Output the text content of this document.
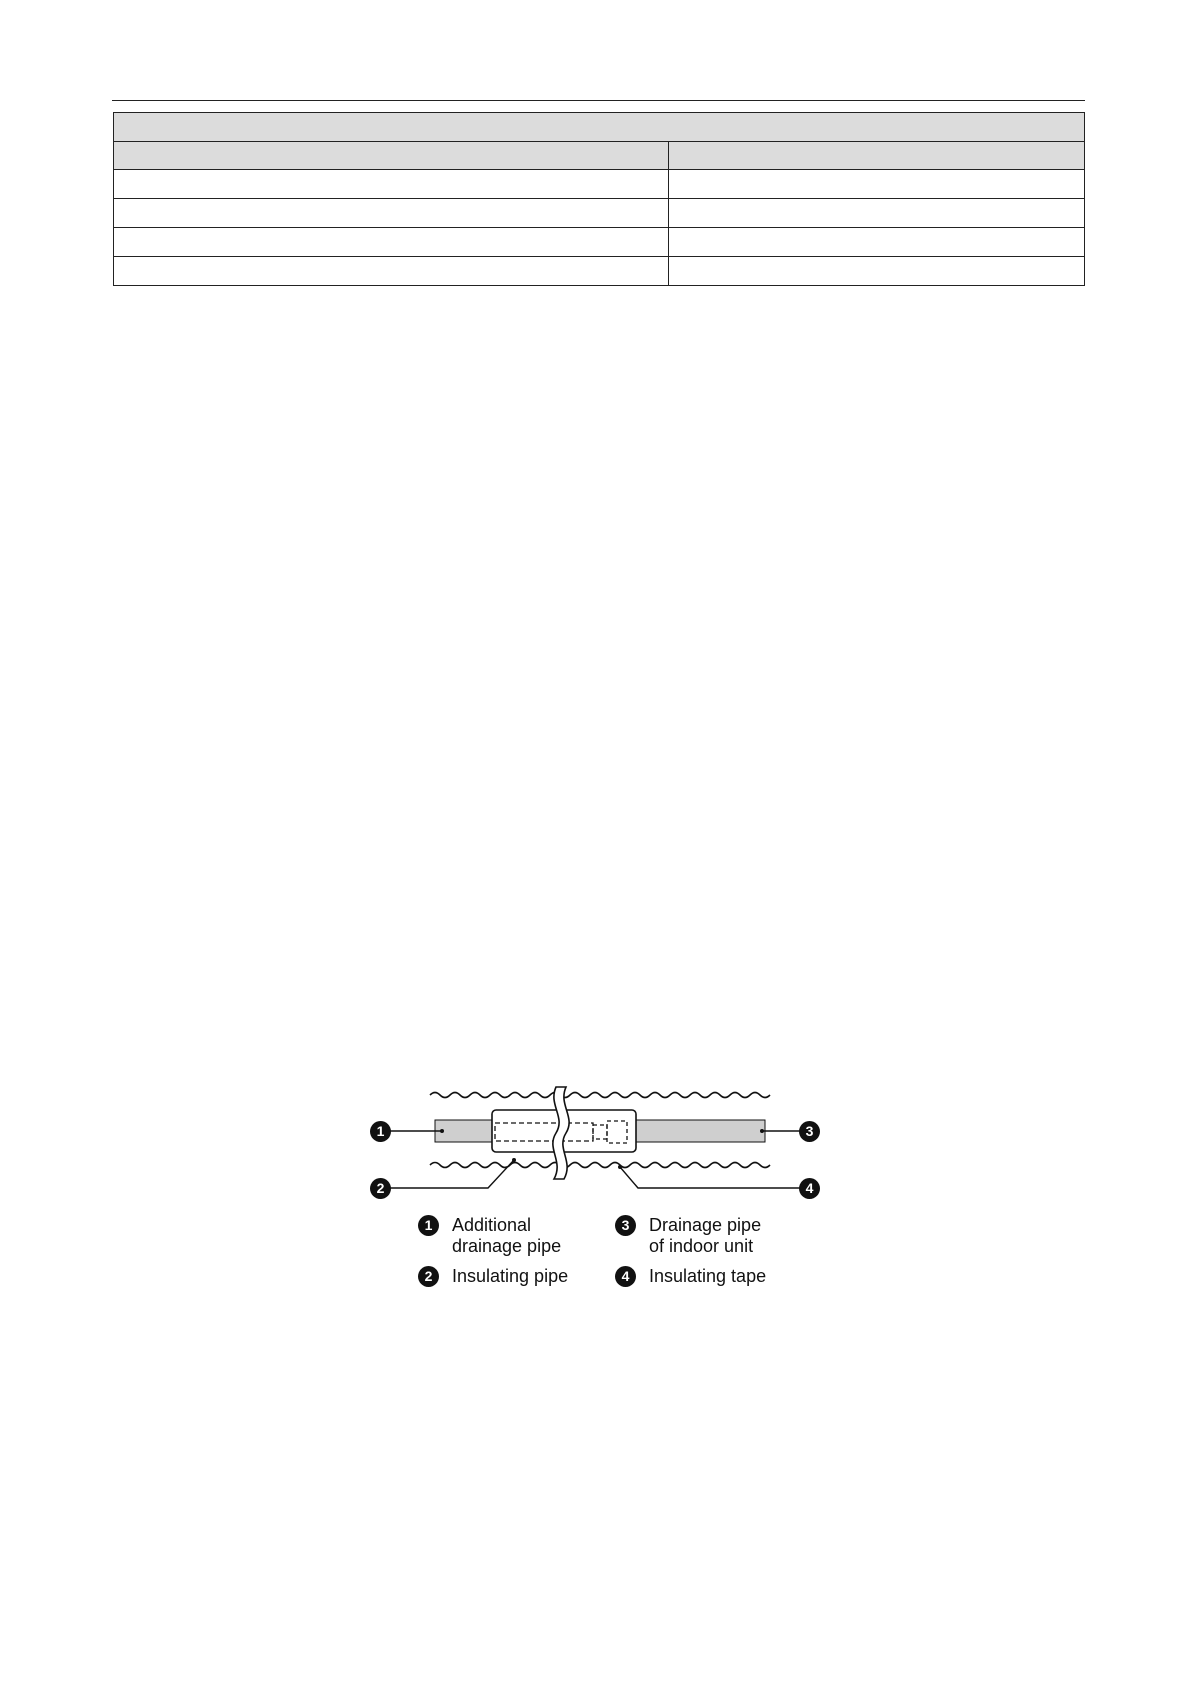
1
2
3
4
1	Additional
drainage pipe
3	Drainage pipe
of indoor unit
2	Insulating pipe	4	Insulating tape
